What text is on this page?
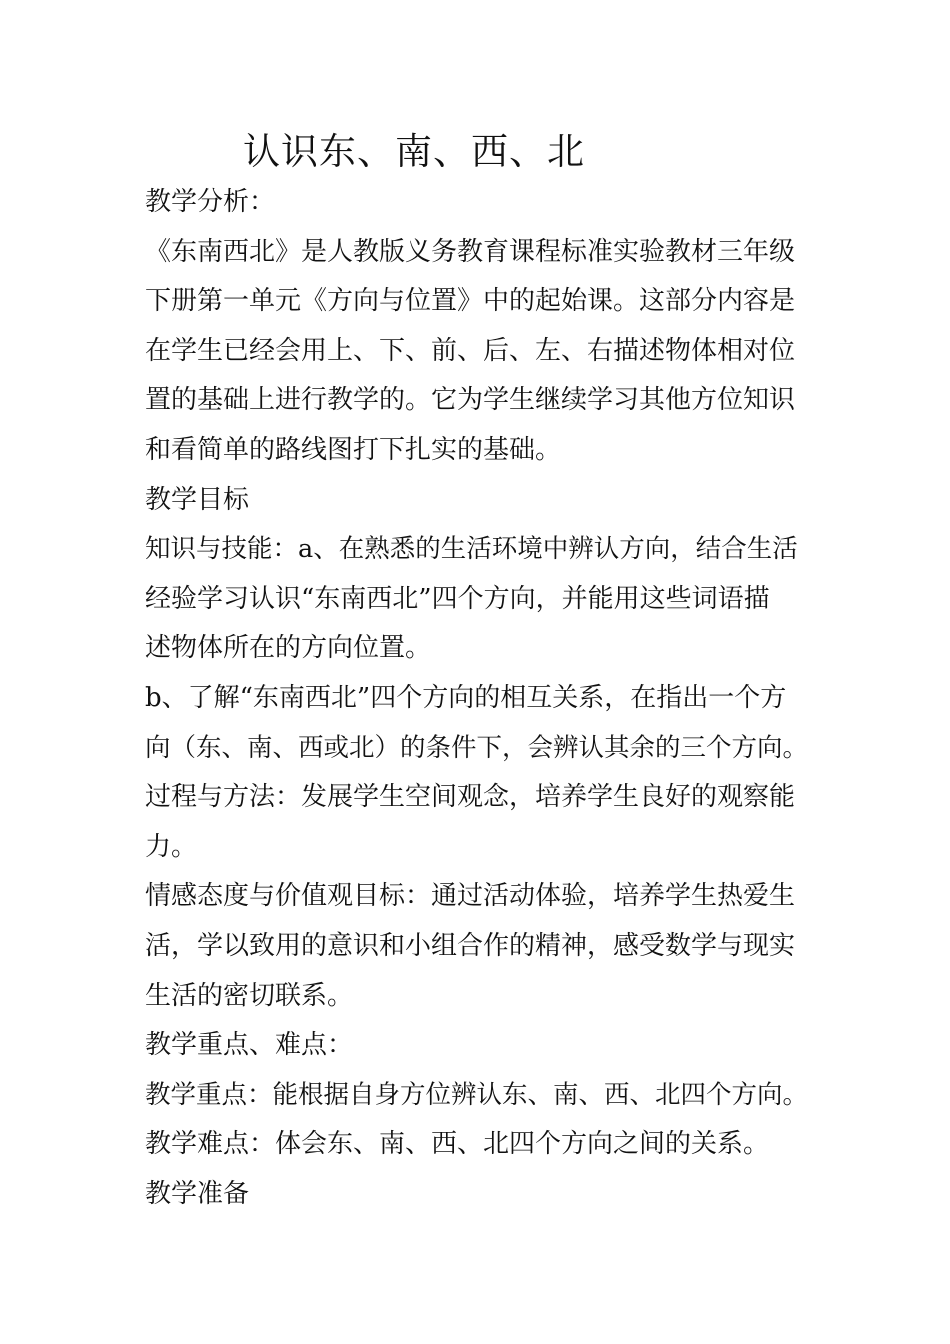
认识东、南、西、北
教学分析：
《东南西北》是人教版义务教育课程标准实验教材三年级
下册第一单元《方向与位置》中的起始课。这部分内容是
在学生已经会用上、下、前、后、左、右描述物体相对位
置的基础上进行教学的。它为学生继续学习其他方位知识
和看简单的路线图打下扎实的基础。
教学目标
知识与技能：a、在熟悉的生活环境中辨认方向，结合生活
经验学习认识“东南西北”四个方向，并能用这些词语描
述物体所在的方向位置。
b、了解“东南西北”四个方向的相互关系，在指出一个方
向（东、南、西或北）的条件下，会辨认其余的三个方向。
过程与方法：发展学生空间观念，培养学生良好的观察能
力。
情感态度与价值观目标：通过活动体验，培养学生热爱生
活，学以致用的意识和小组合作的精神，感受数学与现实
生活的密切联系。
教学重点、难点：
教学重点：能根据自身方位辨认东、南、西、北四个方向。
教学难点：体会东、南、西、北四个方向之间的关系。
教学准备
